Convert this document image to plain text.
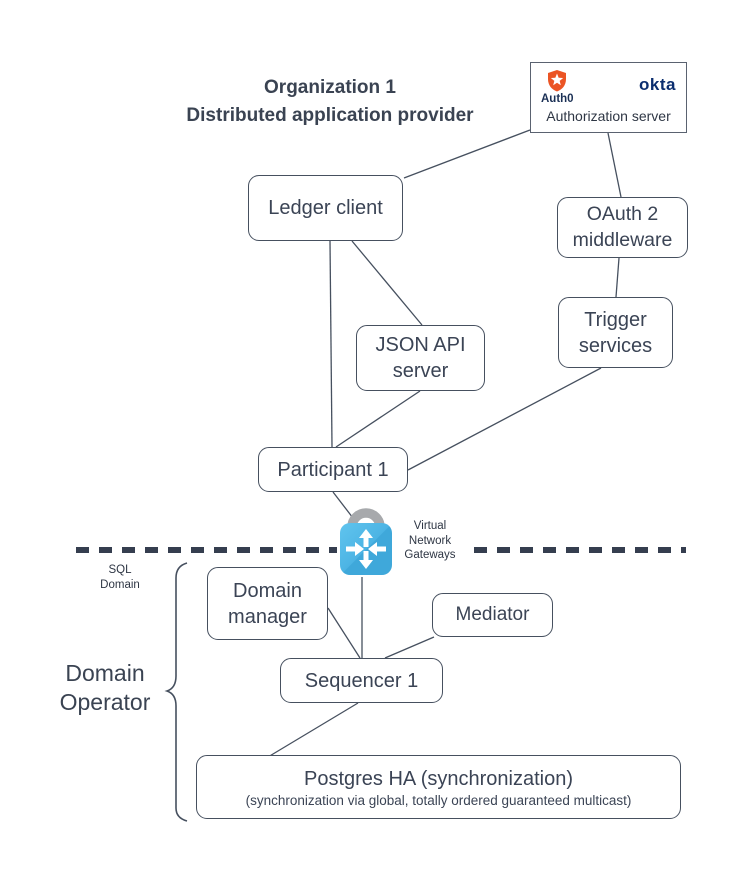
Organization 1
Distributed application provider
Auth0
okta
Authorization server
Ledger client	OAuth 2 middleware
Trigger services
JSON API server
Participant 1
Domain manager	Mediator
Sequencer 1
Postgres HA (synchronization)
(synchronization via global, totally ordered guaranteed multicast)
Virtual Network Gateways
SQL Domain
Domain Operator
